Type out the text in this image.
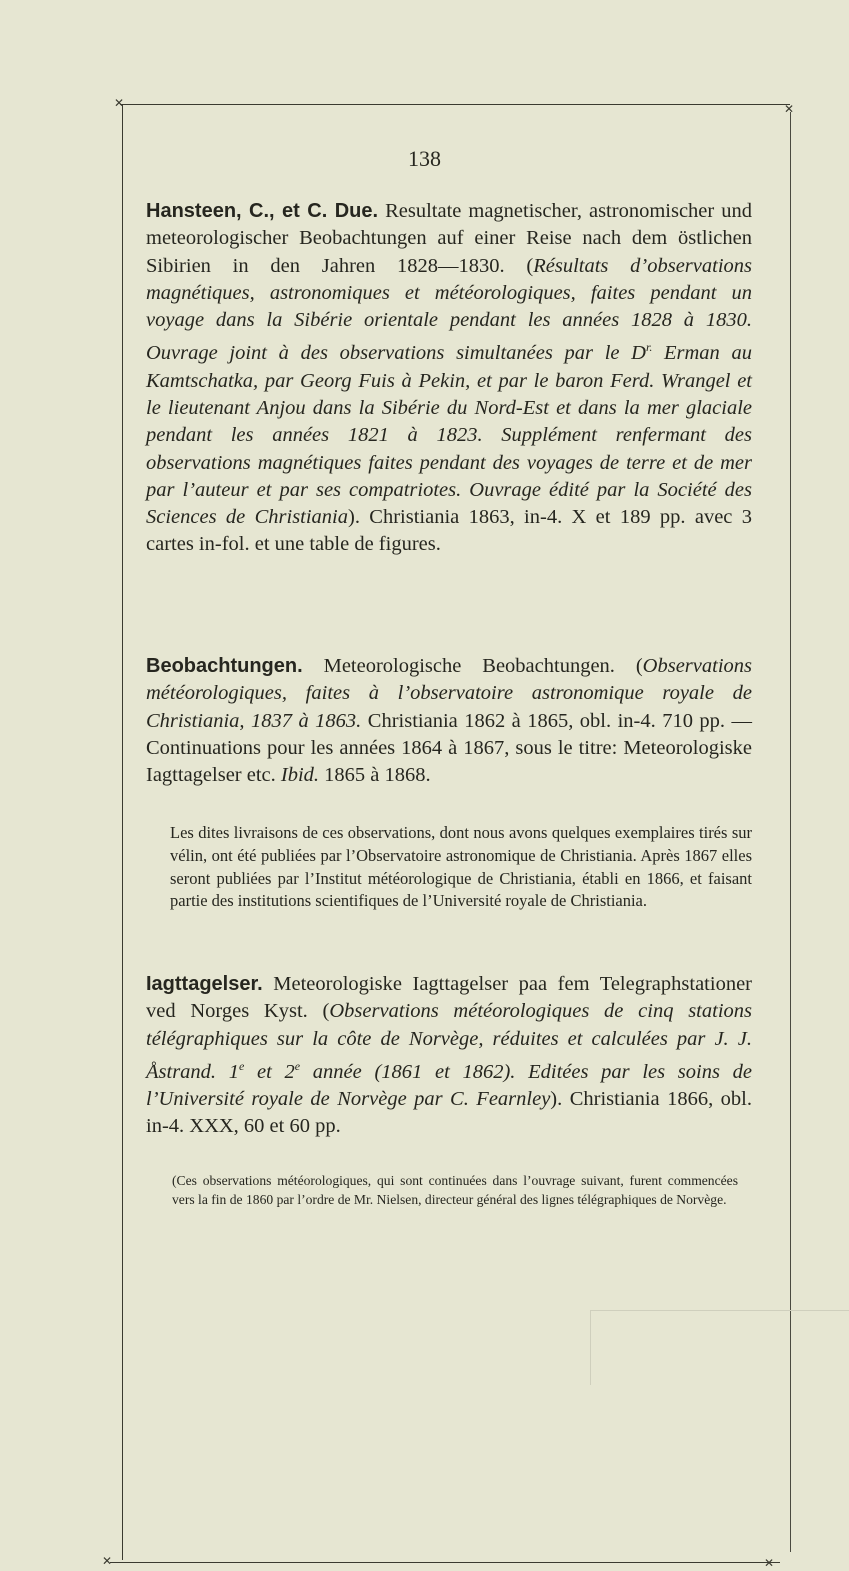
✕	✕
✕	✕
138
Hansteen, C., et C. Due. Resultate magnetischer, astronomischer und meteorologischer Beobachtungen auf einer Reise nach dem östlichen Sibirien in den Jahren 1828—1830. (Résultats d’observations magnétiques, astronomiques et météorologiques, faites pendant un voyage dans la Sibérie orientale pendant les années 1828 à 1830. Ouvrage joint à des observations simultanées par le $D^{r.}$ Erman au Kamtschatka, par Georg Fuis à Pekin, et par le baron Ferd. Wrangel et le lieutenant Anjou dans la Sibérie du Nord-Est et dans la mer glaciale pendant les années 1821 à 1823. Supplément renfermant des observations magnétiques faites pendant des voyages de terre et de mer par l’auteur et par ses compatriotes. Ouvrage édité par la Société des Sciences de Christiania). Christiania 1863, in-4. X et 189 pp. avec 3 cartes in-fol. et une table de figures.
Beobachtungen. Meteorologische Beobachtungen. (Observations météorologiques, faites à l’observatoire astronomique royale de Christiania, 1837 à 1863. Christiania 1862 à 1865, obl. in-4. 710 pp. — Continuations pour les années 1864 à 1867, sous le titre: Meteorologiske Iagttagelser etc. Ibid. 1865 à 1868.
Les dites livraisons de ces observations, dont nous avons quelques exemplaires tirés sur vélin, ont été publiées par l’Observatoire astronomique de Christiania. Après 1867 elles seront publiées par l’Institut météorologique de Christiania, établi en 1866, et faisant partie des institutions scientifiques de l’Université royale de Christiania.
Iagttagelser. Meteorologiske Iagttagelser paa fem Telegraphstationer ved Norges Kyst. (Observations météorologiques de cinq stations télégraphiques sur la côte de Norvège, réduites et calculées par J. J. Åstrand. 1e et 2e année (1861 et 1862). Editées par les soins de l’Université royale de Norvège par C. Fearnley). Christiania 1866, obl. in-4. XXX, 60 et 60 pp.
(Ces observations météorologiques, qui sont continuées dans l’ouvrage suivant, furent commencées vers la fin de 1860 par l’ordre de Mr. Nielsen, directeur général des lignes télégraphiques de Norvège.
